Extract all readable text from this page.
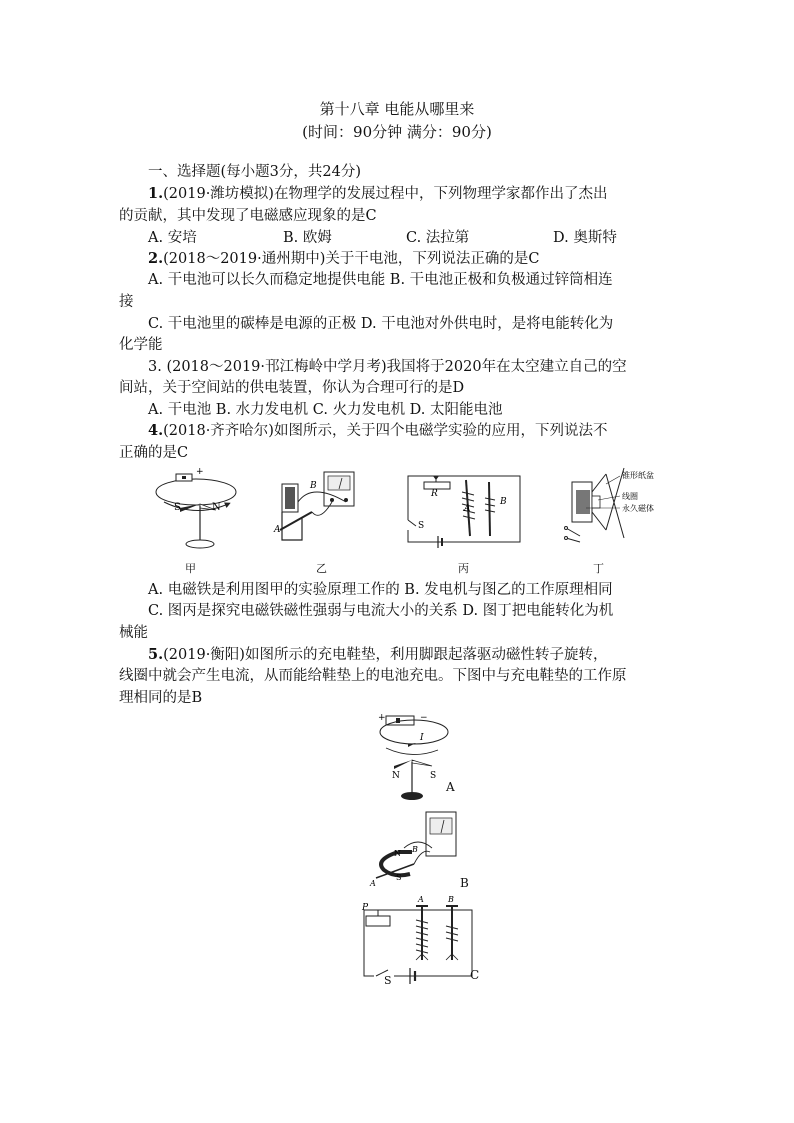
第十八章 电能从哪里来
(时间：90分钟 满分：90分)
一、选择题(每小题3分，共24分)
1.(2019·潍坊模拟)在物理学的发展过程中，下列物理学家都作出了杰出
的贡献，其中发现了电磁感应现象的是C
A. 安培	B. 欧姆	C. 法拉第	D. 奥斯特
2.(2018～2019·通州期中)关于干电池，下列说法正确的是C
A. 干电池可以长久而稳定地提供电能 B. 干电池正极和负极通过锌筒相连
接
C. 干电池里的碳棒是电源的正极 D. 干电池对外供电时，是将电能转化为
化学能
3. (2018～2019·邗江梅岭中学月考)我国将于2020年在太空建立自己的空
间站，关于空间站的供电装置，你认为合理可行的是D
A. 干电池 B. 水力发电机 C. 火力发电机 D. 太阳能电池
4.(2018·齐齐哈尔)如图所示，关于四个电磁学实验的应用，下列说法不
正确的是C
+
S	N
B
A
R
A
B
S
锥形纸盆
线圈
永久磁体
甲	乙	丙	丁
A. 电磁铁是利用图甲的实验原理工作的 B. 发电机与图乙的工作原理相同
C. 图丙是探究电磁铁磁性强弱与电流大小的关系 D. 图丁把电能转化为机
械能
5.(2019·衡阳)如图所示的充电鞋垫，利用脚跟起落驱动磁性转子旋转，
线圈中就会产生电流，从而能给鞋垫上的电池充电。下图中与充电鞋垫的工作原
理相同的是B
+	−
I
N	S
A
N
S
B
A	B
P
A	B
S	C
